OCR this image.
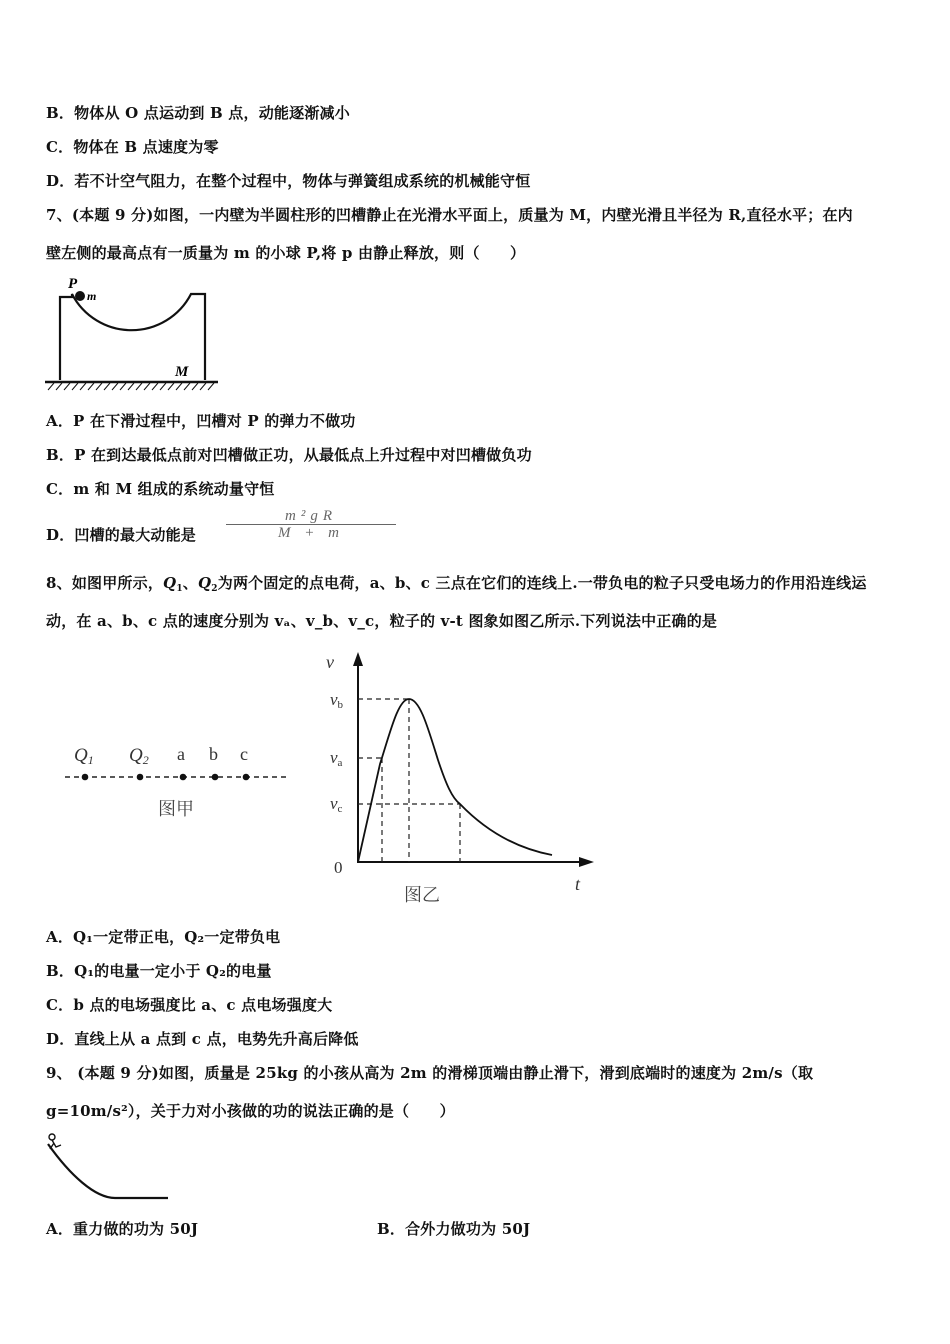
B．物体从 O 点运动到 B 点，动能逐渐减小
C．物体在 B 点速度为零
D．若不计空气阻力，在整个过程中，物体与弹簧组成系统的机械能守恒
7、(本题 9 分)如图，一内壁为半圆柱形的凹槽静止在光滑水平面上，质量为 M，内壁光滑且半径为 R,直径水平；在内
壁左侧的最高点有一质量为 m 的小球 P,将 p 由静止释放，则（　　）
P
m
M
A．P 在下滑过程中，凹槽对 P 的弹力不做功
B．P 在到达最低点前对凹槽做正功，从最低点上升过程中对凹槽做负功
C．m 和 M 组成的系统动量守恒
D．凹槽的最大动能是
m²gR
M + m
8、如图甲所示，$Q_1$、$Q_2$为两个固定的点电荷，a、b、c 三点在它们的连线上.一带负电的粒子只受电场力的作用沿连线运
动，在 a、b、c 点的速度分别为 vₐ、v_b、v_c，粒子的 v-t 图象如图乙所示.下列说法中正确的是
Q1 Q2 a b c
图甲
v
vb
va
vc
0
t
图乙
A．Q₁一定带正电，Q₂一定带负电
B．Q₁的电量一定小于 Q₂的电量
C．b 点的电场强度比 a、c 点电场强度大
D．直线上从 a 点到 c 点，电势先升高后降低
9、 (本题 9 分)如图，质量是 25kg 的小孩从高为 2m 的滑梯顶端由静止滑下，滑到底端时的速度为 2m/s（取
g=10m/s²），关于力对小孩做的功的说法正确的是（　　）
A．重力做的功为 50J	B．合外力做功为 50J
